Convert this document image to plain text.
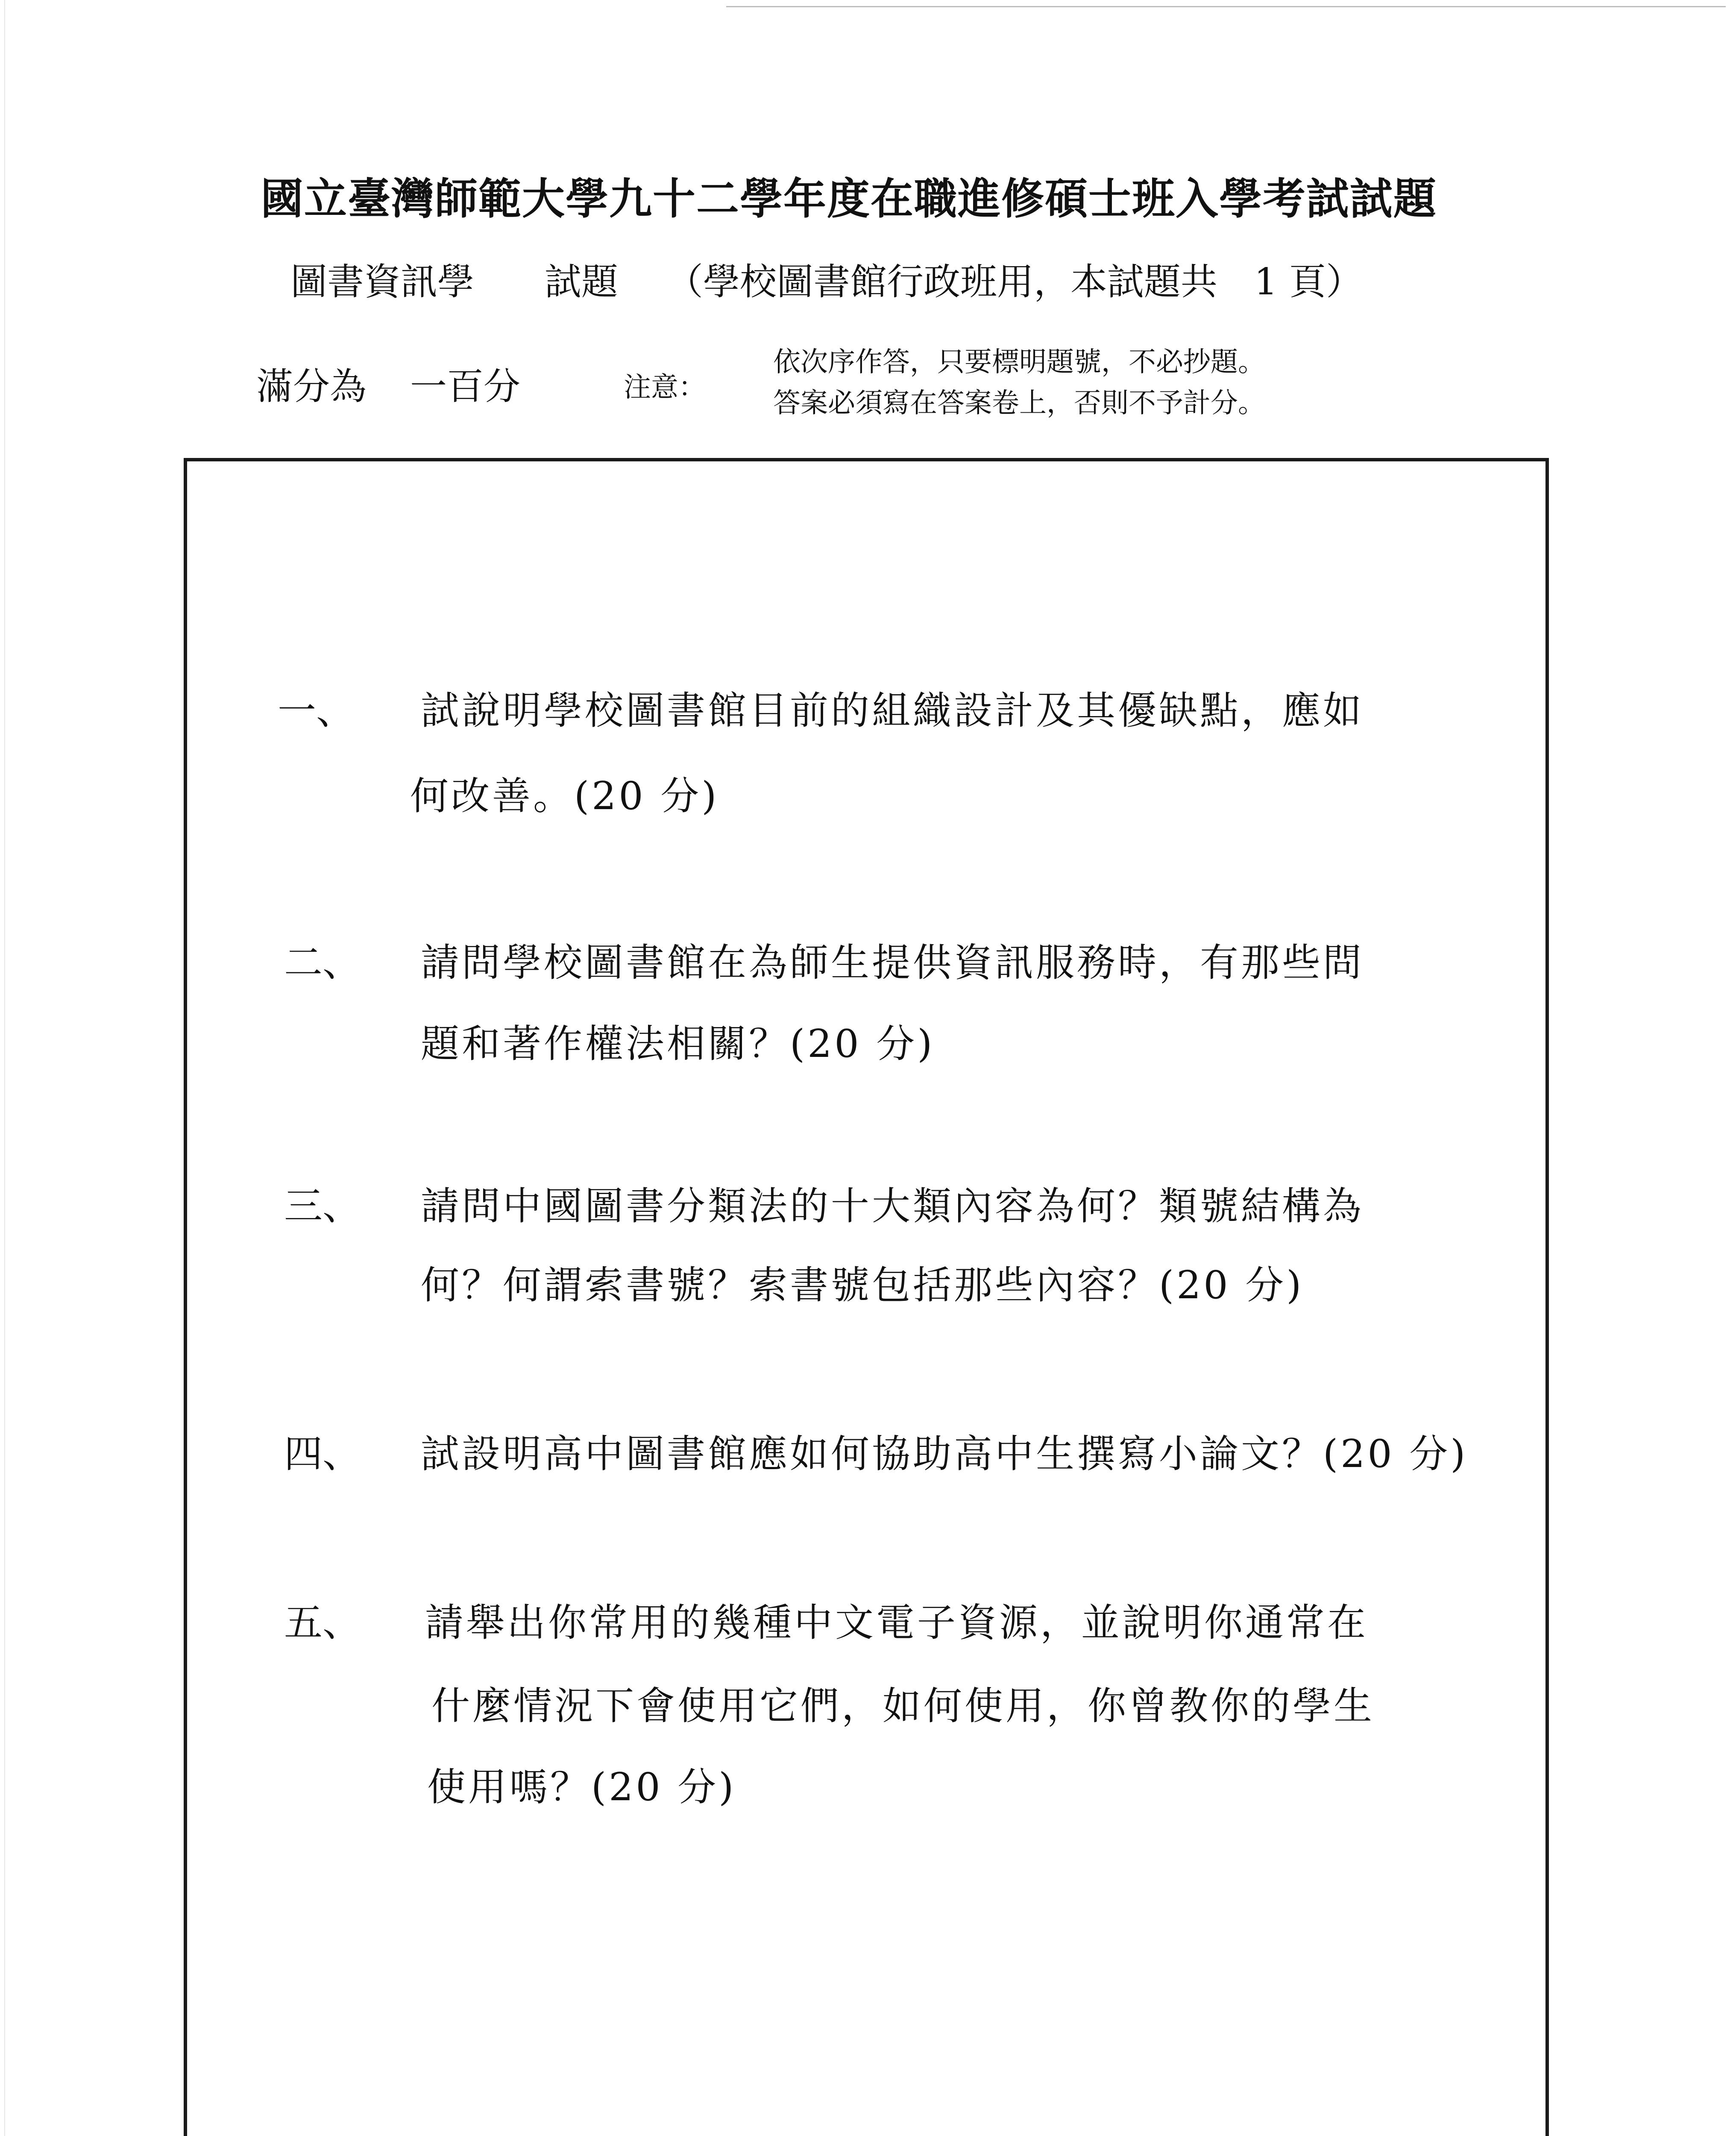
國立臺灣師範大學九十二學年度在職進修碩士班入學考試試題
圖書資訊學 試題 （學校圖書館行政班用，本試題共　1 頁）
滿分為 一百分	注意：
依次序作答，只要標明題號，不必抄題。
答案必須寫在答案卷上，否則不予計分。
一、 試說明學校圖書館目前的組織設計及其優缺點，應如
何改善。(20 分)
二、 請問學校圖書館在為師生提供資訊服務時，有那些問
題和著作權法相關？(20 分)
三、 請問中國圖書分類法的十大類內容為何？類號結構為
何？何謂索書號？索書號包括那些內容？(20 分)
四、 試設明高中圖書館應如何協助高中生撰寫小論文？(20 分)
五、 請舉出你常用的幾種中文電子資源，並說明你通常在
什麼情況下會使用它們，如何使用，你曾教你的學生
使用嗎？(20 分)
